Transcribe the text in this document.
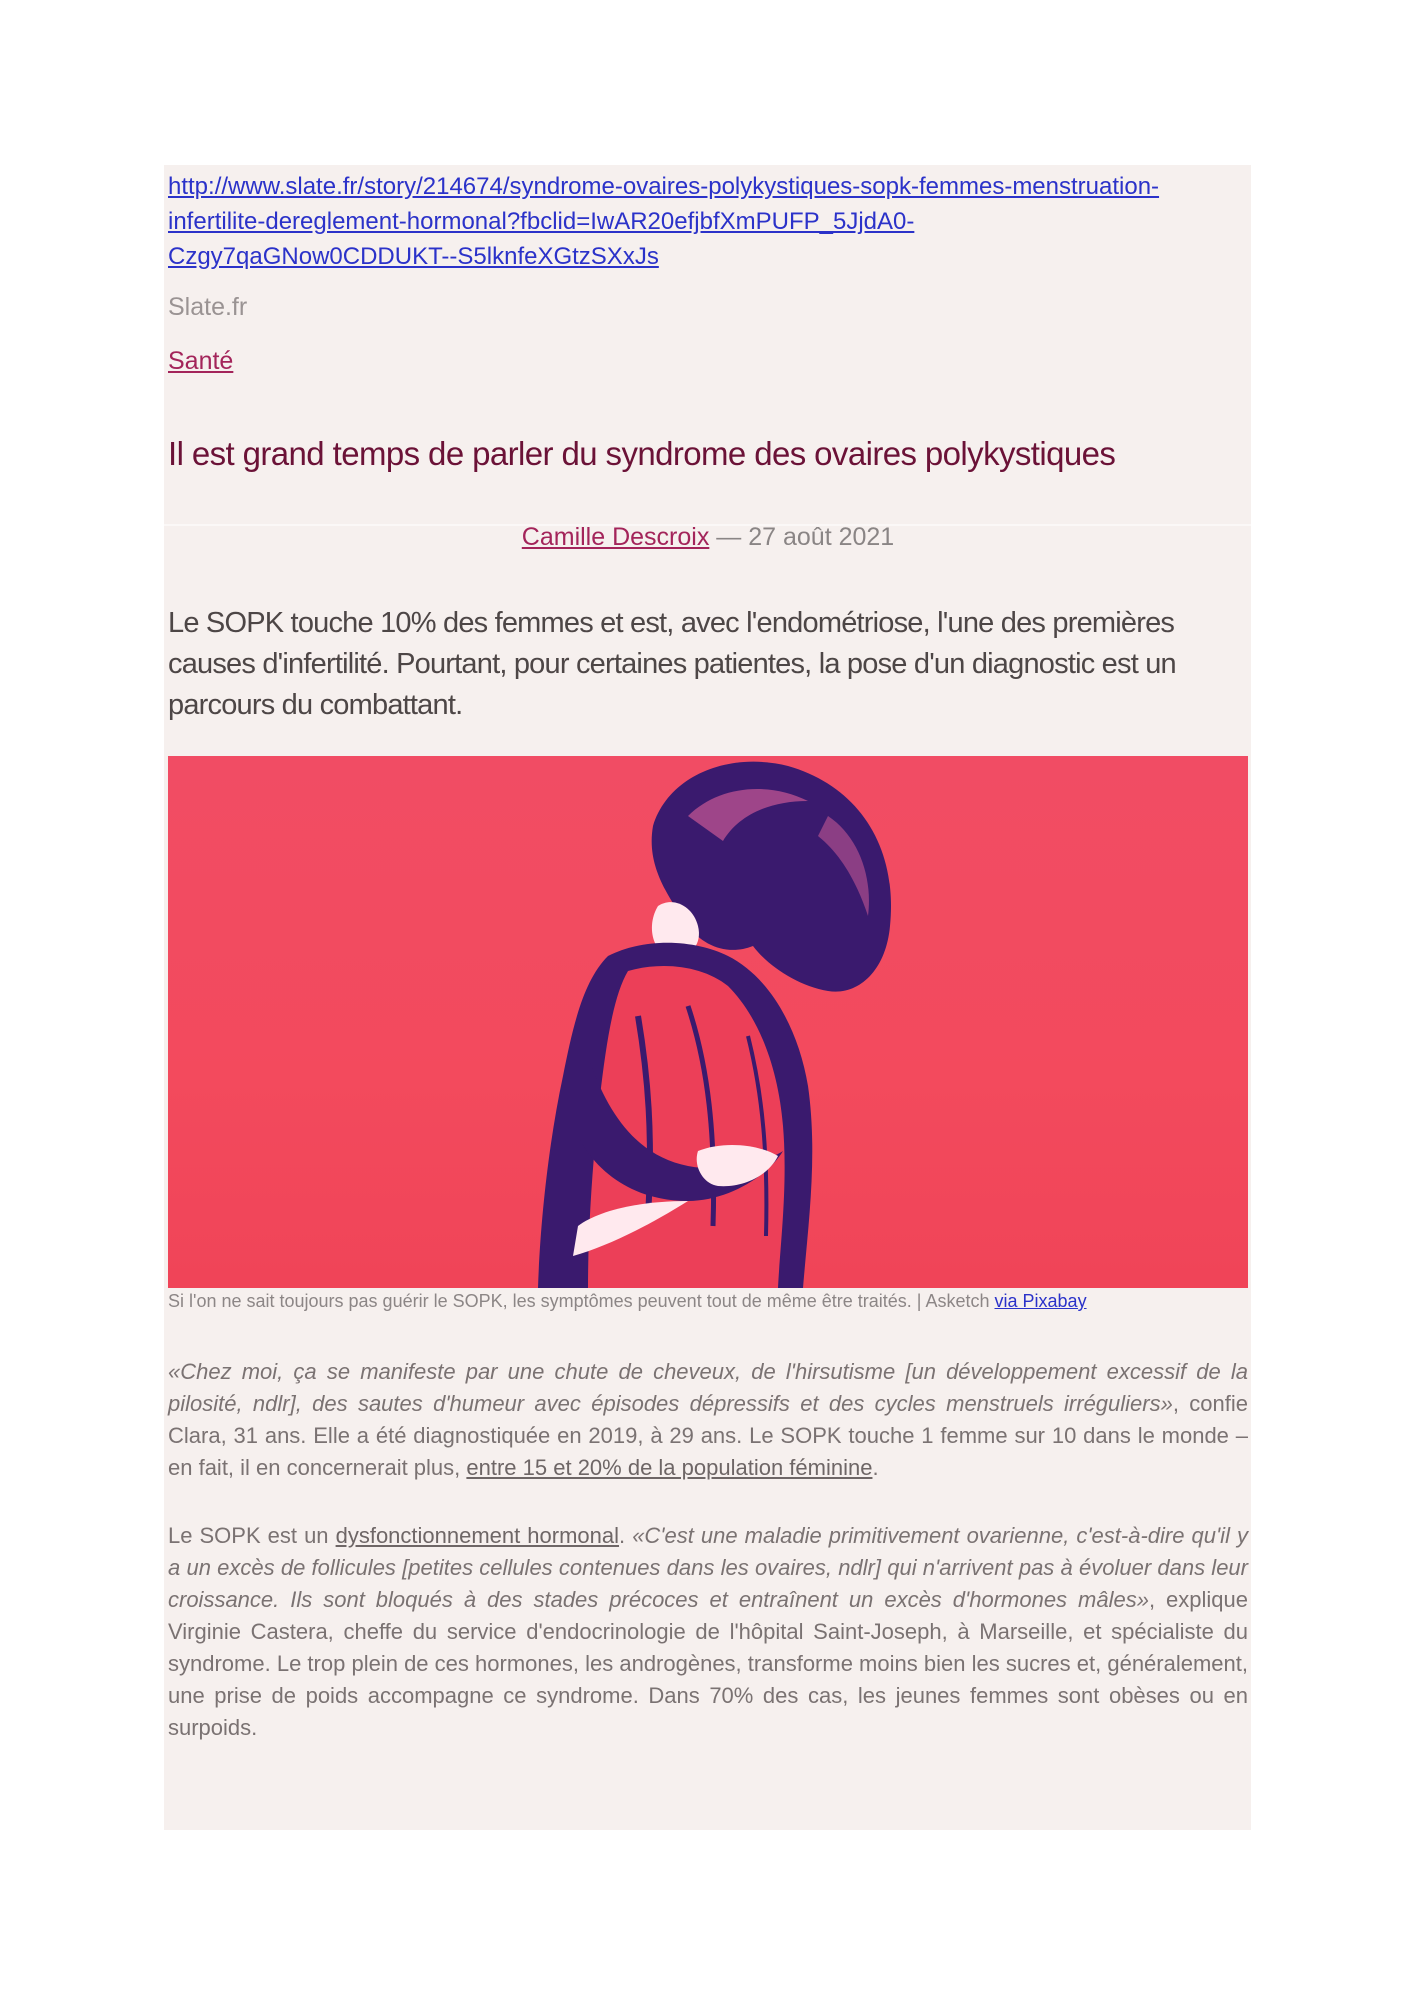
http://www.slate.fr/story/214674/syndrome-ovaires-polykystiques-sopk-femmes-menstruation-infertilite-dereglement-hormonal?fbclid=IwAR20efjbfXmPUFP_5JjdA0-Czgy7qaGNow0CDDUKT--S5lknfeXGtzSXxJs
Slate.fr
Santé
Il est grand temps de parler du syndrome des ovaires polykystiques
Camille Descroix — 27 août 2021
Le SOPK touche 10% des femmes et est, avec l'endométriose, l'une des premières causes d'infertilité. Pourtant, pour certaines patientes, la pose d'un diagnostic est un parcours du combattant.
Si l'on ne sait toujours pas guérir le SOPK, les symptômes peuvent tout de même être traités. | Asketch via Pixabay

«Chez moi, ça se manifeste par une chute de cheveux, de l'hirsutisme [un développement excessif de la pilosité, ndlr], des sautes d'humeur avec épisodes dépressifs et des cycles menstruels irréguliers», confie Clara, 31 ans. Elle a été diagnostiquée en 2019, à 29 ans. Le SOPK touche 1 femme sur 10 dans le monde –en fait, il en concernerait plus, entre 15 et 20% de la population féminine.

Le SOPK est un dysfonctionnement hormonal. «C'est une maladie primitivement ovarienne, c'est-à-dire qu'il y a un excès de follicules [petites cellules contenues dans les ovaires, ndlr] qui n'arrivent pas à évoluer dans leur croissance. Ils sont bloqués à des stades précoces et entraînent un excès d'hormones mâles», explique Virginie Castera, cheffe du service d'endocrinologie de l'hôpital Saint-Joseph, à Marseille, et spécialiste du syndrome. Le trop plein de ces hormones, les androgènes, transforme moins bien les sucres et, généralement, une prise de poids accompagne ce syndrome. Dans 70% des cas, les jeunes femmes sont obèses ou en surpoids.
